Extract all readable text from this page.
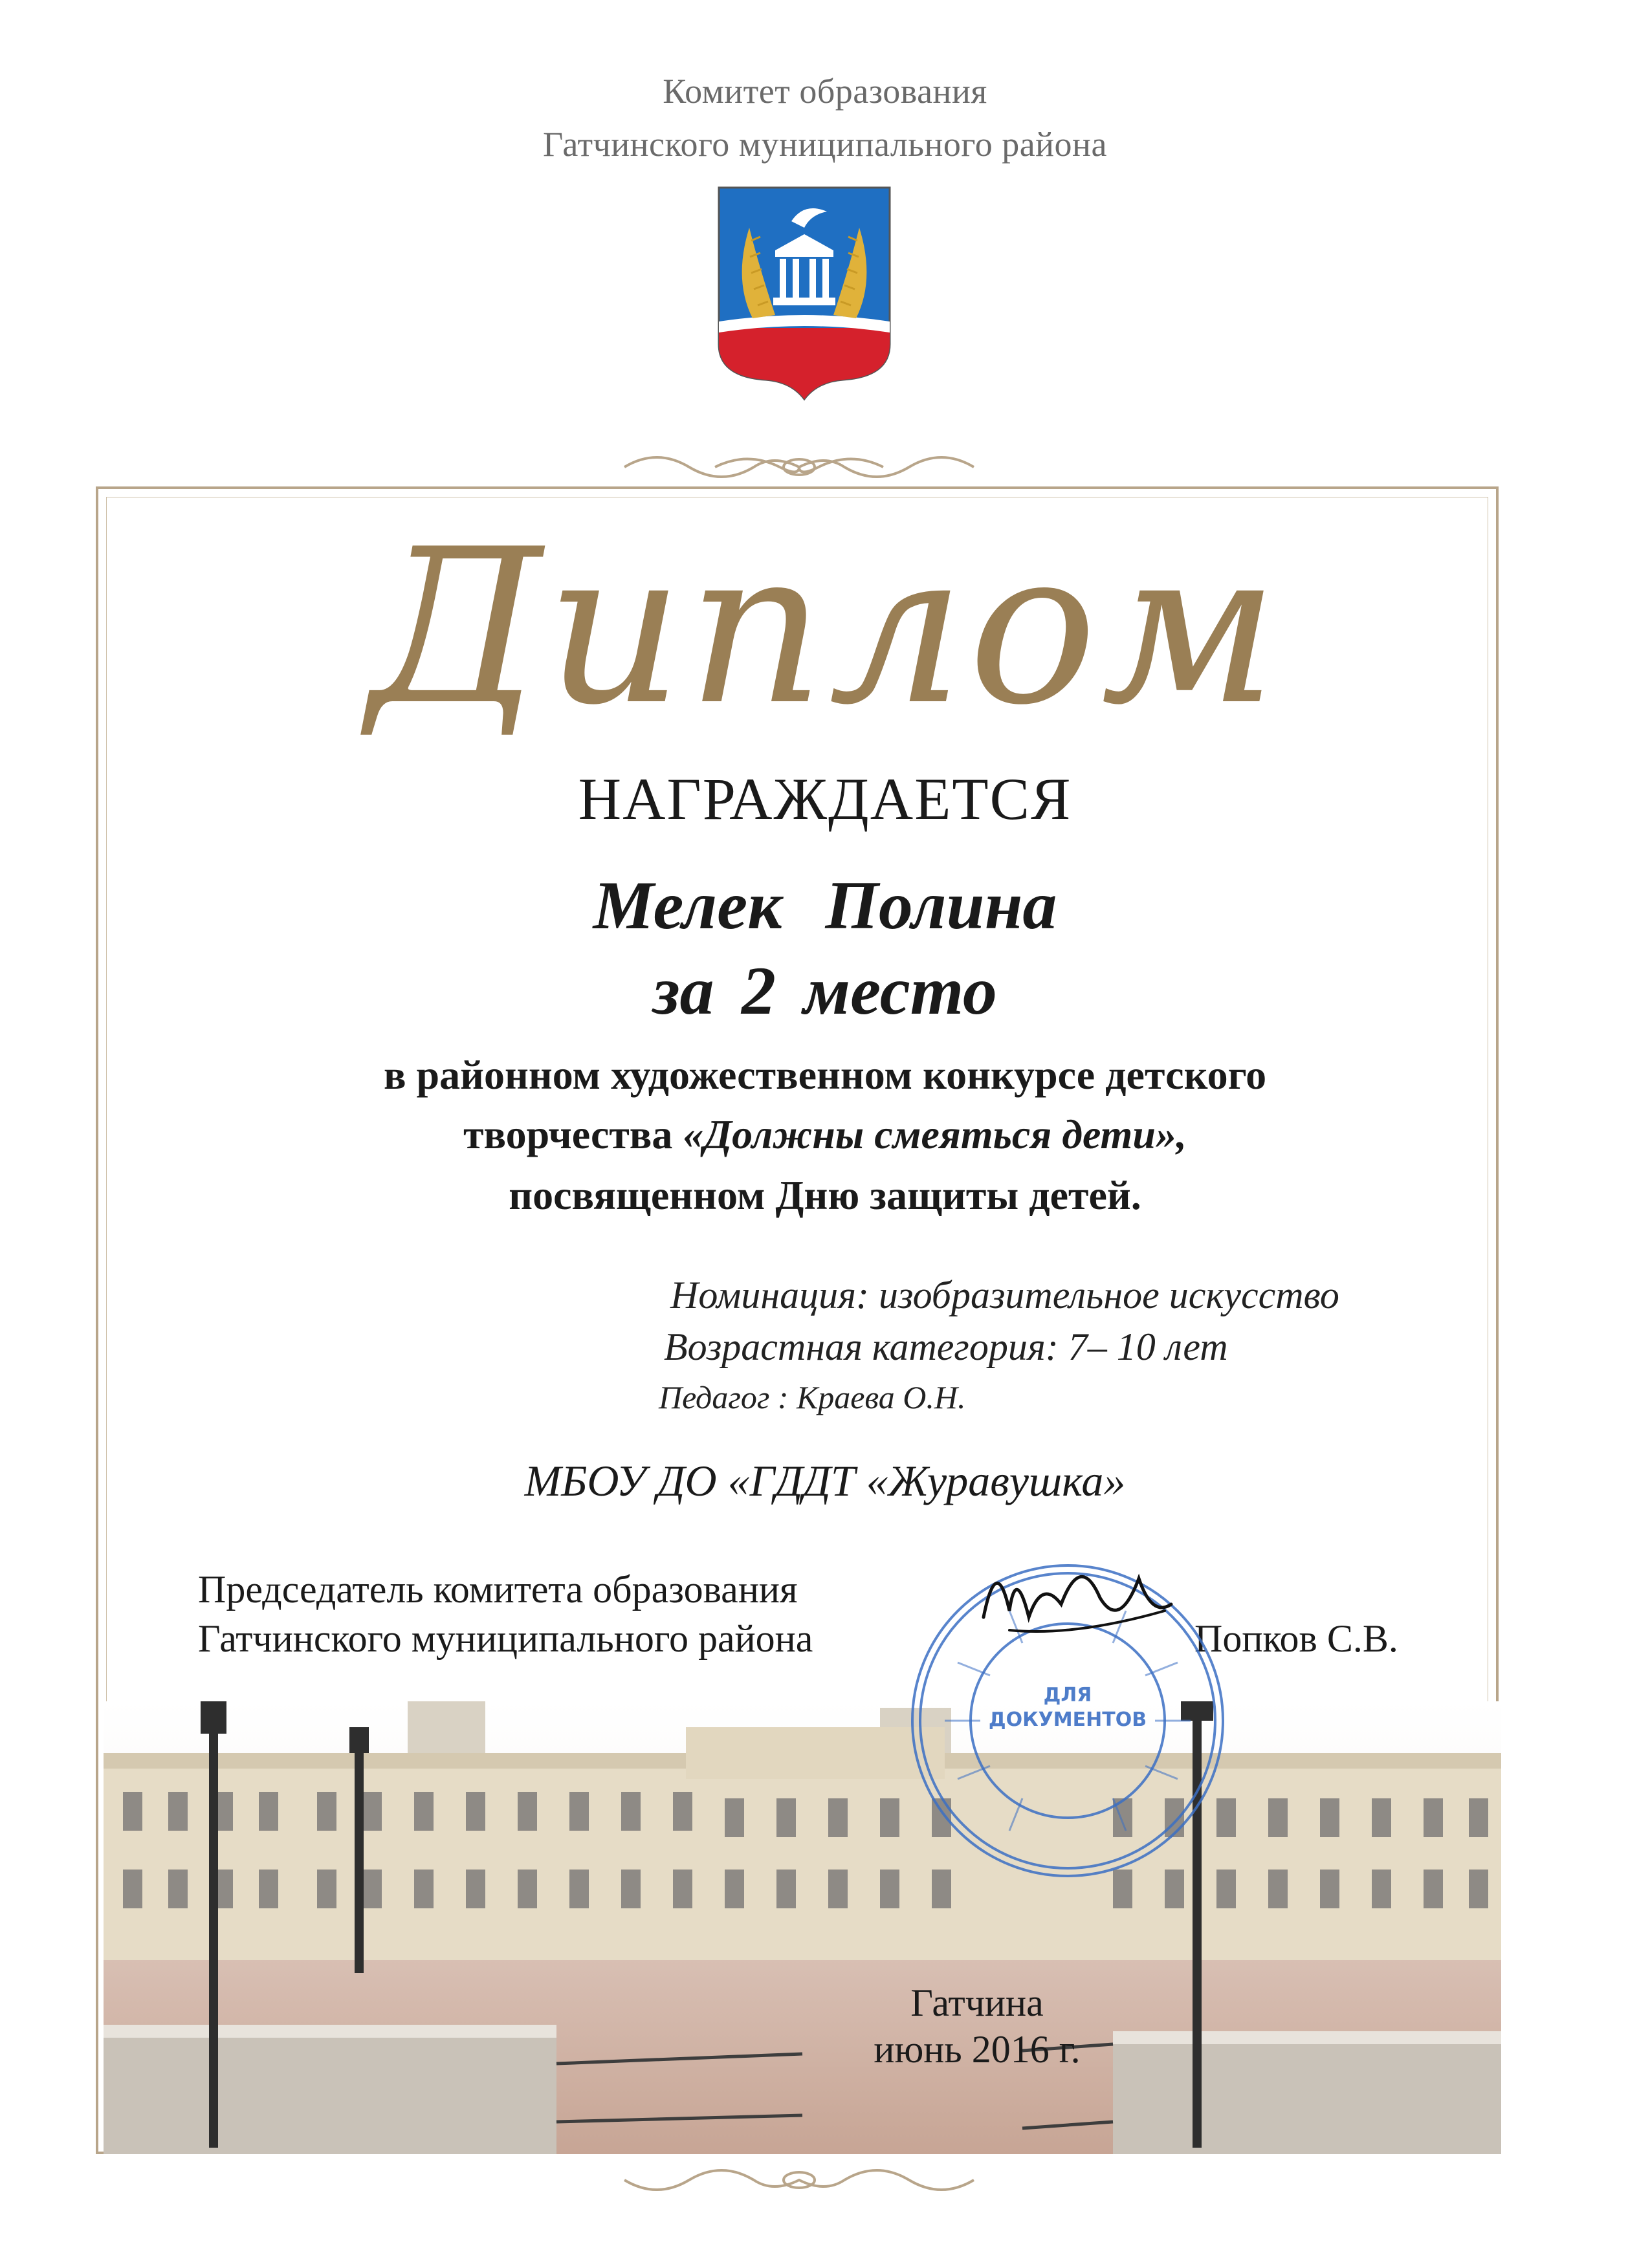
Комитет образования
Гатчинского муниципального района
Диплом
НАГРАЖДАЕТСЯ
Мелек Полина
за 2 место
в районном художественном конкурсе детского
творчества «Должны смеяться дети»,
посвященном Дню защиты детей.
Номинация: изобразительное искусство
Возрастная категория: 7– 10 лет
Педагог : Краева О.Н.
МБОУ ДО «ГДДТ «Журавушка»
Председатель комитета образования
Гатчинского муниципального района	Попков С.В.
ДЛЯ
ДОКУМЕНТОВ
Гатчина
июнь 2016 г.
